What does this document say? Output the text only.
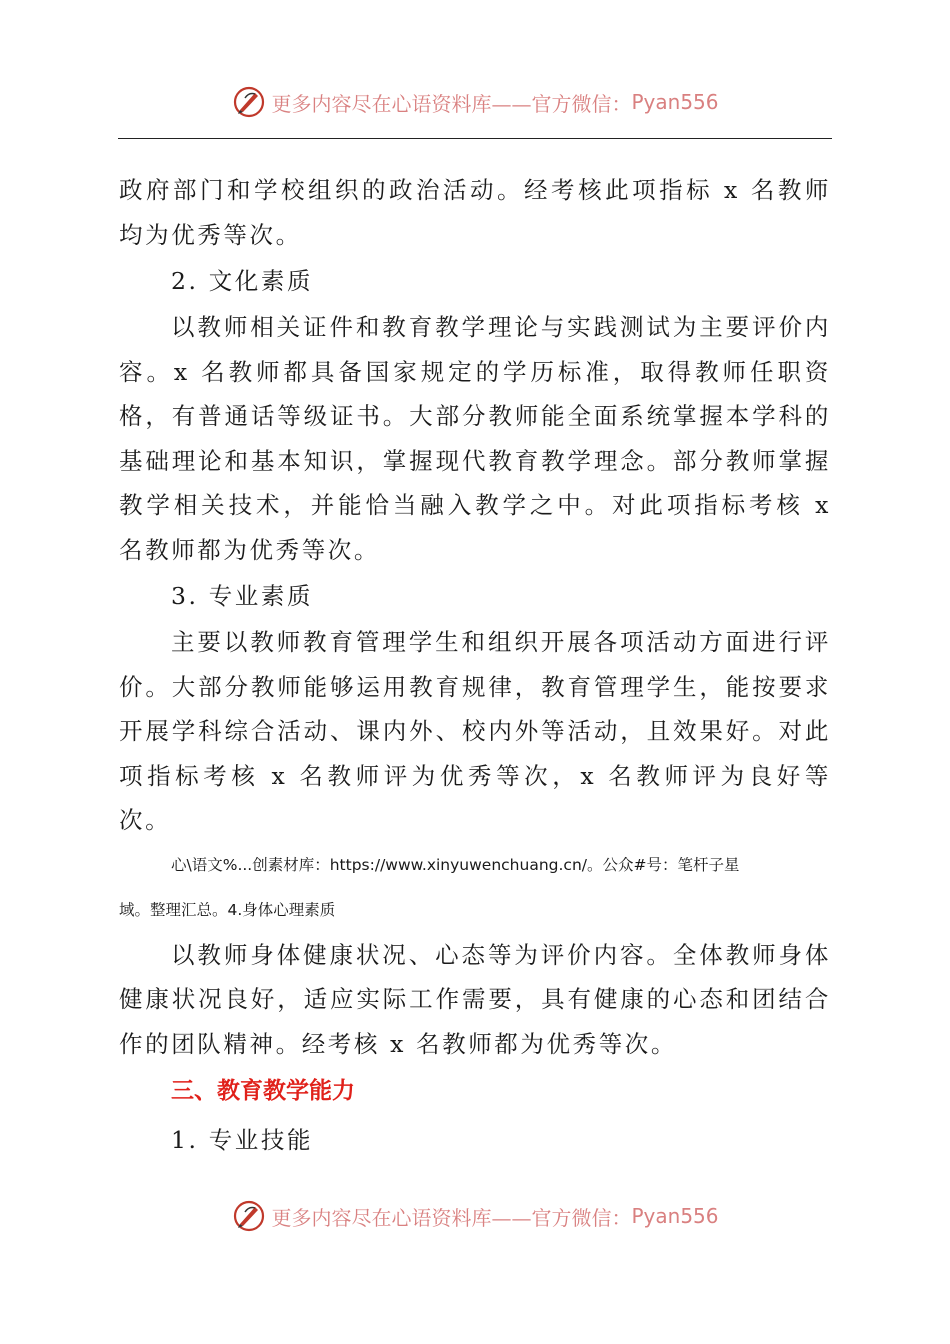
更多内容尽在心语资料库——官方微信： Pyan556

政府部门和学校组织的政治活动。经考核此项指标 x 名教师均为优秀等次。

2. 文化素质

以教师相关证件和教育教学理论与实践测试为主要评价内容。x 名教师都具备国家规定的学历标准，取得教师任职资格，有普通话等级证书。大部分教师能全面系统掌握本学科的基础理论和基本知识，掌握现代教育教学理念。部分教师掌握教学相关技术，并能恰当融入教学之中。对此项指标考核 x 名教师都为优秀等次。

3. 专业素质

主要以教师教育管理学生和组织开展各项活动方面进行评价。大部分教师能够运用教育规律，教育管理学生，能按要求开展学科综合活动、课内外、校内外等活动，且效果好。对此项指标考核 x 名教师评为优秀等次，x 名教师评为良好等次。

心\语文%...创素材库：https://www.xinyuwenchuang.cn/。公众#号：笔杆子星

域。整理汇总。4.身体心理素质

以教师身体健康状况、心态等为评价内容。全体教师身体健康状况良好，适应实际工作需要，具有健康的心态和团结合作的团队精神。经考核 x 名教师都为优秀等次。

三、教育教学能力

1. 专业技能

更多内容尽在心语资料库——官方微信： Pyan556
